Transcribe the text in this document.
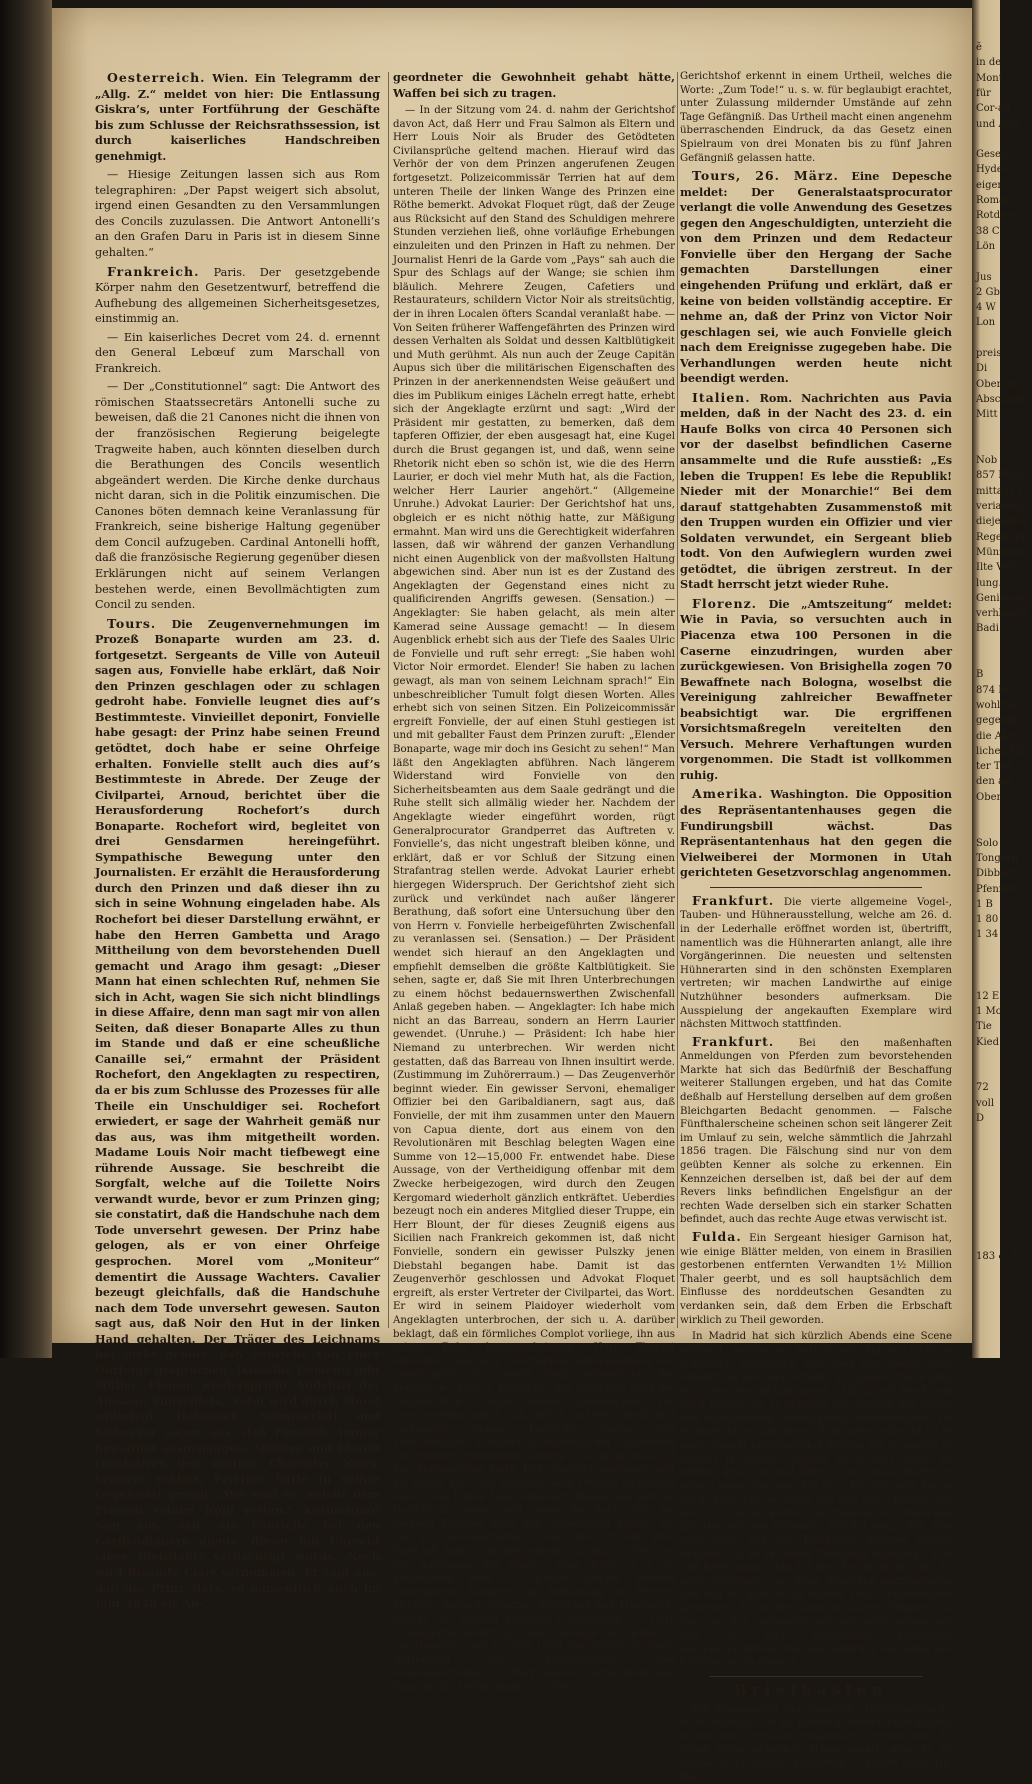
ĕ
in de
Mont
für
Cor-an
und Aufr
Gesell
Hyder
eigen
Roman
Rotdvole
38 C
Lön
Jus
2 Gb
4 W
Lon
preis'
Di
Ober-Aul
Abschwerg
Mitt
Nob
857 Mais
mittags 1
veriamml
diejenigen
Regentich
Münzend
Ilte Verh
lung.
Geniengen
verhlogen
Badi
B
874 Di
wohlthä
gegenüb
die Abtst
lichen Mi
ter Tag
den an
Ober
Solo
Tongerd
Dibbert
Pfennich
1 B
1 80
1 34
12 E
1 Mo
Tie
Kied
72
voll
D
183 & A

Oesterreich. Wien. Ein Telegramm der „Allg. Z.“ meldet von hier: Die Entlassung Giskra’s, unter Fortführung der Geschäfte bis zum Schlusse der Reichsrathssession, ist durch kaiserliches Handschreiben genehmigt.

— Hiesige Zeitungen lassen sich aus Rom telegraphiren: „Der Papst weigert sich absolut, irgend einen Gesandten zu den Versammlungen des Concils zuzulassen. Die Antwort Antonelli’s an den Grafen Daru in Paris ist in diesem Sinne gehalten.“

Frankreich. Paris. Der gesetzgebende Körper nahm den Gesetzentwurf, betreffend die Aufhebung des allgemeinen Sicherheitsgesetzes, einstimmig an.

— Ein kaiserliches Decret vom 24. d. ernennt den General Lebœuf zum Marschall von Frankreich.

— Der „Constitutionnel“ sagt: Die Antwort des römischen Staatssecretärs Antonelli suche zu beweisen, daß die 21 Canones nicht die ihnen von der französischen Regierung beigelegte Tragweite haben, auch könnten dieselben durch die Berathungen des Concils wesentlich abgeändert werden. Die Kirche denke durchaus nicht daran, sich in die Politik einzumischen. Die Canones böten demnach keine Veranlassung für Frankreich, seine bisherige Haltung gegenüber dem Concil aufzugeben. Cardinal Antonelli hofft, daß die französische Regierung gegenüber diesen Erklärungen nicht auf seinem Verlangen bestehen werde, einen Bevollmächtigten zum Concil zu senden.

Tours. Die Zeugenvernehmungen im Prozeß Bonaparte wurden am 23. d. fortgesetzt. Sergeants de Ville von Auteuil sagen aus, Fonvielle habe erklärt, daß Noir den Prinzen geschlagen oder zu schlagen gedroht habe. Fonvielle leugnet dies auf’s Bestimmteste. Vinvieillet deponirt, Fonvielle habe gesagt: der Prinz habe seinen Freund getödtet, doch habe er seine Ohrfeige erhalten. Fonvielle stellt auch dies auf’s Bestimmteste in Abrede. Der Zeuge der Civilpartei, Arnoud, berichtet über die Herausforderung Rochefort’s durch Bonaparte. Rochefort wird, begleitet von drei Gensdarmen hereingeführt. Sympathische Bewegung unter den Journalisten. Er erzählt die Herausforderung durch den Prinzen und daß dieser ihn zu sich in seine Wohnung eingeladen habe. Als Rochefort bei dieser Darstellung erwähnt, er habe den Herren Gambetta und Arago Mittheilung von dem bevorstehenden Duell gemacht und Arago ihm gesagt: „Dieser Mann hat einen schlechten Ruf, nehmen Sie sich in Acht, wagen Sie sich nicht blindlings in diese Affaire, denn man sagt mir von allen Seiten, daß dieser Bonaparte Alles zu thun im Stande und daß er eine scheußliche Canaille sei,“ ermahnt der Präsident Rochefort, den Angeklagten zu respectiren, da er bis zum Schlusse des Prozesses für alle Theile ein Unschuldiger sei. Rochefort erwiedert, er sage der Wahrheit gemäß nur das aus, was ihm mitgetheilt worden. Madame Louis Noir macht tiefbewegt eine rührende Aussage. Sie beschreibt die Sorgfalt, welche auf die Toilette Noirs verwandt wurde, bevor er zum Prinzen ging; sie constatirt, daß die Handschuhe nach dem Tode unversehrt gewesen. Der Prinz habe gelogen, als er von einer Ohrfeige gesprochen. Morel vom „Moniteur“ dementirt die Aussage Wachters. Cavalier bezeugt gleichfalls, daß die Handschuhe nach dem Tode unversehrt gewesen. Sauton sagt aus, daß Noir den Hut in der linken Hand gehalten. Der Träger des Leichnams hat nicht gehört, daß Fonvielle von einer Ohrfeige gesprochen. Dasselbe Dementi gibt Müller. Ebenso wiederspricht Audebizi der Aussage Vinvieillets. Notot wird durch Morel widerlegt. Habeneck, Seinguerlett und Siebecker sagen aus, daß Fonvielle immer bewaffnet ausgegangen. Millière und Clareti constatiren den sanften Character Noirs. Verriere erklärt, Perrinet hätte in seiner Gegenwart gesagt: „Wir sind es, welche dem Prinzen seinen Kopf retten.“ Kermorgard sagt aus, daß, als Fonvielle bei den Garibaldianern diente, dieser mit Unrecht eines Diebstahls verdächtigt wurde. Noch wird Bicomte Clary vernommen. Er sagt aus, daß der Prinz stets, so namentlich auch im Jahr 1848 als Ab-

geordneter die Gewohnheit gehabt hätte, Waffen bei sich zu tragen.

— In der Sitzung vom 24. d. nahm der Gerichtshof davon Act, daß Herr und Frau Salmon als Eltern und Herr Louis Noir als Bruder des Getödteten Civilansprüche geltend machen. Hierauf wird das Verhör der von dem Prinzen angerufenen Zeugen fortgesetzt. Polizeicommissär Terrien hat auf dem unteren Theile der linken Wange des Prinzen eine Röthe bemerkt. Advokat Floquet rügt, daß der Zeuge aus Rücksicht auf den Stand des Schuldigen mehrere Stunden verziehen ließ, ohne vorläufige Erhebungen einzuleiten und den Prinzen in Haft zu nehmen. Der Journalist Henri de la Garde vom „Pays“ sah auch die Spur des Schlags auf der Wange; sie schien ihm bläulich. Mehrere Zeugen, Cafetiers und Restaurateurs, schildern Victor Noir als streitsüchtig, der in ihren Localen öfters Scandal veranlaßt habe. — Von Seiten früherer Waffengefährten des Prinzen wird dessen Verhalten als Soldat und dessen Kaltblütigkeit und Muth gerühmt. Als nun auch der Zeuge Capitän Aupus sich über die militärischen Eigenschaften des Prinzen in der anerkennendsten Weise geäußert und dies im Publikum einiges Lächeln erregt hatte, erhebt sich der Angeklagte erzürnt und sagt: „Wird der Präsident mir gestatten, zu bemerken, daß dem tapferen Offizier, der eben ausgesagt hat, eine Kugel durch die Brust gegangen ist, und daß, wenn seine Rhetorik nicht eben so schön ist, wie die des Herrn Laurier, er doch viel mehr Muth hat, als die Faction, welcher Herr Laurier angehört.“ (Allgemeine Unruhe.) Advokat Laurier: Der Gerichtshof hat uns, obgleich er es nicht nöthig hatte, zur Mäßigung ermahnt. Man wird uns die Gerechtigkeit widerfahren lassen, daß wir während der ganzen Verhandlung nicht einen Augenblick von der maßvollsten Haltung abgewichen sind. Aber nun ist es der Zustand des Angeklagten der Gegenstand eines nicht zu qualificirenden Angriffs gewesen. (Sensation.) — Angeklagter: Sie haben gelacht, als mein alter Kamerad seine Aussage gemacht! — In diesem Augenblick erhebt sich aus der Tiefe des Saales Ulric de Fonvielle und ruft sehr erregt: „Sie haben wohl Victor Noir ermordet. Elender! Sie haben zu lachen gewagt, als man von seinem Leichnam sprach!“ Ein unbeschreiblicher Tumult folgt diesen Worten. Alles erhebt sich von seinen Sitzen. Ein Polizeicommissär ergreift Fonvielle, der auf einen Stuhl gestiegen ist und mit geballter Faust dem Prinzen zuruft: „Elender Bonaparte, wage mir doch ins Gesicht zu sehen!“ Man läßt den Angeklagten abführen. Nach längerem Widerstand wird Fonvielle von den Sicherheitsbeamten aus dem Saale gedrängt und die Ruhe stellt sich allmälig wieder her. Nachdem der Angeklagte wieder eingeführt worden, rügt Generalprocurator Grandperret das Auftreten v. Fonvielle’s, das nicht ungestraft bleiben könne, und erklärt, daß er vor Schluß der Sitzung einen Strafantrag stellen werde. Advokat Laurier erhebt hiergegen Widerspruch. Der Gerichtshof zieht sich zurück und verkündet nach außer längerer Berathung, daß sofort eine Untersuchung über den von Herrn v. Fonvielle herbeigeführten Zwischenfall zu veranlassen sei. (Sensation.) — Der Präsident wendet sich hierauf an den Angeklagten und empfiehlt demselben die größte Kaltblütigkeit. Sie sehen, sagte er, daß Sie mit Ihren Unterbrechungen zu einem höchst bedauernswerthen Zwischenfall Anlaß gegeben haben. — Angeklagter: Ich habe mich nicht an das Barreau, sondern an Herrn Laurier gewendet. (Unruhe.) — Präsident: Ich habe hier Niemand zu unterbrechen. Wir werden nicht gestatten, daß das Barreau von Ihnen insultirt werde. (Zustimmung im Zuhörerraum.) — Das Zeugenverhör beginnt wieder. Ein gewisser Servoni, ehemaliger Offizier bei den Garibaldianern, sagt aus, daß Fonvielle, der mit ihm zusammen unter den Mauern von Capua diente, dort aus einem von den Revolutionären mit Beschlag belegten Wagen eine Summe von 12—15,000 Fr. entwendet habe. Diese Aussage, von der Vertheidigung offenbar mit dem Zwecke herbeigezogen, wird durch den Zeugen Kergomard wiederholt gänzlich entkräftet. Ueberdies bezeugt noch ein anderes Mitglied dieser Truppe, ein Herr Blount, der für dieses Zeugniß eigens aus Sicilien nach Frankreich gekommen ist, daß nicht Fonvielle, sondern ein gewisser Pulszky jenen Diebstahl begangen habe. Damit ist das Zeugenverhör geschlossen und Advokat Floquet ergreift, als erster Vertreter der Civilpartei, das Wort. Er wird in seinem Plaidoyer wiederholt vom Angeklagten unterbrochen, der sich u. A. darüber beklagt, daß ein förmliches Complot vorliege, ihn aus seiner Ruhe herauszubringen. Herr Floquet entwickelt aus den historischen Antecedentien des Angeklagten die innere Wahrscheinlichkeit der Version des Hrn. v. Fonvielle; das Plaidoyer wird der vorgerückten Stunde wegen abgebrochen. Die Geschwornen ziehen sich zurück und der Gerichtshof verhandelt gegen Fonvielle wegen des Zwischenfalles. Fonvielle ist während der Suspension der Sitzung vernommen worden und nimmt nun auf der Anklagebank Platz. Der Central-Commissär sagt als Zeuge aus, daß Fonvielle dem Prinzen zugerufen hätte: „Sie haben Noir ermordet! Wagen Sie, mir ins Gesicht zu sehen, und sagen Sie noch, daß Sie meinem Freunde nicht fein umgebracht haben! Sie sind ein Meuchelmörder! Zum Tode mit ihm! Zum Tode mit ihm!“ Fonvielle erkennt an, daß er alles dies mit Ausnahme der Worte: „Zum Tode“ u. s. w. gesprochen habe. — Einige Zeugen werden vernommen, darunter zur Entlastung die Herren Millière, Arnoud, Clarctie, Siebecker und Habeneck, welche die Version Fonvielle’s bestätigen. — Herr Grandperret beantragt seine Anklage auf Artikel 2 des Gesetzes vom 17. Mai 1819, betreffend strafbare Aufreizung oder Beschimpfung des Staatsgerichtshofs. — Herr Laurier führt in maßvoller Sprache die Vertheidigung. — Der

Gerichtshof erkennt in einem Urtheil, welches die Worte: „Zum Tode!“ u. s. w. für beglaubigt erachtet, unter Zulassung mildernder Umstände auf zehn Tage Gefängniß. Das Urtheil macht einen angenehm überraschenden Eindruck, da das Gesetz einen Spielraum von drei Monaten bis zu fünf Jahren Gefängniß gelassen hatte.

Tours, 26. März. Eine Depesche meldet: Der Generalstaatsprocurator verlangt die volle Anwendung des Gesetzes gegen den Angeschuldigten, unterzieht die von dem Prinzen und dem Redacteur Fonvielle über den Hergang der Sache gemachten Darstellungen einer eingehenden Prüfung und erklärt, daß er keine von beiden vollständig acceptire. Er nehme an, daß der Prinz von Victor Noir geschlagen sei, wie auch Fonvielle gleich nach dem Ereignisse zugegeben habe. Die Verhandlungen werden heute nicht beendigt werden.

Italien. Rom. Nachrichten aus Pavia melden, daß in der Nacht des 23. d. ein Haufe Bolks von circa 40 Personen sich vor der daselbst befindlichen Caserne ansammelte und die Rufe ausstieß: „Es leben die Truppen! Es lebe die Republik! Nieder mit der Monarchie!“ Bei dem darauf stattgehabten Zusammenstoß mit den Truppen wurden ein Offizier und vier Soldaten verwundet, ein Sergeant blieb todt. Von den Aufwieglern wurden zwei getödtet, die übrigen zerstreut. In der Stadt herrscht jetzt wieder Ruhe.

Florenz. Die „Amtszeitung“ meldet: Wie in Pavia, so versuchten auch in Piacenza etwa 100 Personen in die Caserne einzudringen, wurden aber zurückgewiesen. Von Brisighella zogen 70 Bewaffnete nach Bologna, woselbst die Vereinigung zahlreicher Bewaffneter beabsichtigt war. Die ergriffenen Vorsichtsmaßregeln vereitelten den Versuch. Mehrere Verhaftungen wurden vorgenommen. Die Stadt ist vollkommen ruhig.

Amerika. Washington. Die Opposition des Repräsentantenhauses gegen die Fundirungsbill wächst. Das Repräsentantenhaus hat den gegen die Vielweiberei der Mormonen in Utah gerichteten Gesetzvorschlag angenommen.

Frankfurt. Die vierte allgemeine Vogel-, Tauben- und Hühnerausstellung, welche am 26. d. in der Lederhalle eröffnet worden ist, übertrifft, namentlich was die Hühnerarten anlangt, alle ihre Vorgängerinnen. Die neuesten und seltensten Hühnerarten sind in den schönsten Exemplaren vertreten; wir machen Landwirthe auf einige Nutzhühner besonders aufmerksam. Die Ausspielung der angekauften Exemplare wird nächsten Mittwoch stattfinden.

Frankfurt. Bei den maßenhaften Anmeldungen von Pferden zum bevorstehenden Markte hat sich das Bedürfniß der Beschaffung weiterer Stallungen ergeben, und hat das Comite deßhalb auf Herstellung derselben auf dem großen Bleichgarten Bedacht genommen. — Falsche Fünfthalerscheine scheinen schon seit längerer Zeit im Umlauf zu sein, welche sämmtlich die Jahrzahl 1856 tragen. Die Fälschung sind nur von dem geübten Kenner als solche zu erkennen. Ein Kennzeichen derselben ist, daß bei der auf dem Revers links befindlichen Engelsfigur an der rechten Wade derselben sich ein starker Schatten befindet, auch das rechte Auge etwas verwischt ist.

Fulda. Ein Sergeant hiesiger Garnison hat, wie einige Blätter melden, von einem in Brasilien gestorbenen entfernten Verwandten 1½ Million Thaler geerbt, und es soll hauptsächlich dem Einflusse des norddeutschen Gesandten zu verdanken sein, daß dem Erben die Erbschaft wirklich zu Theil geworden.

In Madrid hat sich kürzlich Abends eine Scene ereignet, welche den Betheiligten Anfangs nicht so ergötzlich erschienen sein mag wie später nach Aufklärung des Sachverhalts. Ein junger Mann ging aus einer Gesellschaft gegen 2 Uhr durch den Prado nach Hause, als er plötzlich gar unsanft mit einem ihm begegnenden Unbekannten zusammenstieß. Da er argwöhnte, daß dieses Rencontre vielleicht nicht ohne Absicht herbeigeführt worden sei, so suchte er schnell in seinen Taschen nach, und siehe, es fehlten ihm Uhr und Kette. Zum Glück führte er jedoch einen Revolver bei sich. Er eilte dem Diebe nach, hielt ihm die Waffe vor und rief: „Heraus mit der Uhr und der Kette!“ Der Fremde vor Schrecken zitternd, gab das Verlangte und lief eiligst fort. Wie groß aber war das Erstaunen unseres jungen Mannes, als er in seiner Wohnung angelangt, Uhr und Kette ganz ruhig auf dem Tische liegen sah. Er hatte vergessen, sie beim Ausgehen mitzunehmen und war so, ohne es zu wissen, zum Straßenräuber geworden. Es wußte natürlich nichts Eiligeres zu thun, als den vermeintlichen Dieb aufzuspüren und ihm die sehr werthvollen Kleinodien zurückzuerstatten. Nun war natürlich die Reihe des Erstaunens an diesem.

Briefkasten.

Die Einsenderin der Annonce „Heirathsgesuch“ wolle gefälligst 30 kr. Inseratgebühren einschicken, worauf dem Wunsche entsprochen werden wird. Es klingt diese sicherlich etwas unzart, aber es ist einmal nicht anders, Heirathen — kostet Geld! Die Red.
